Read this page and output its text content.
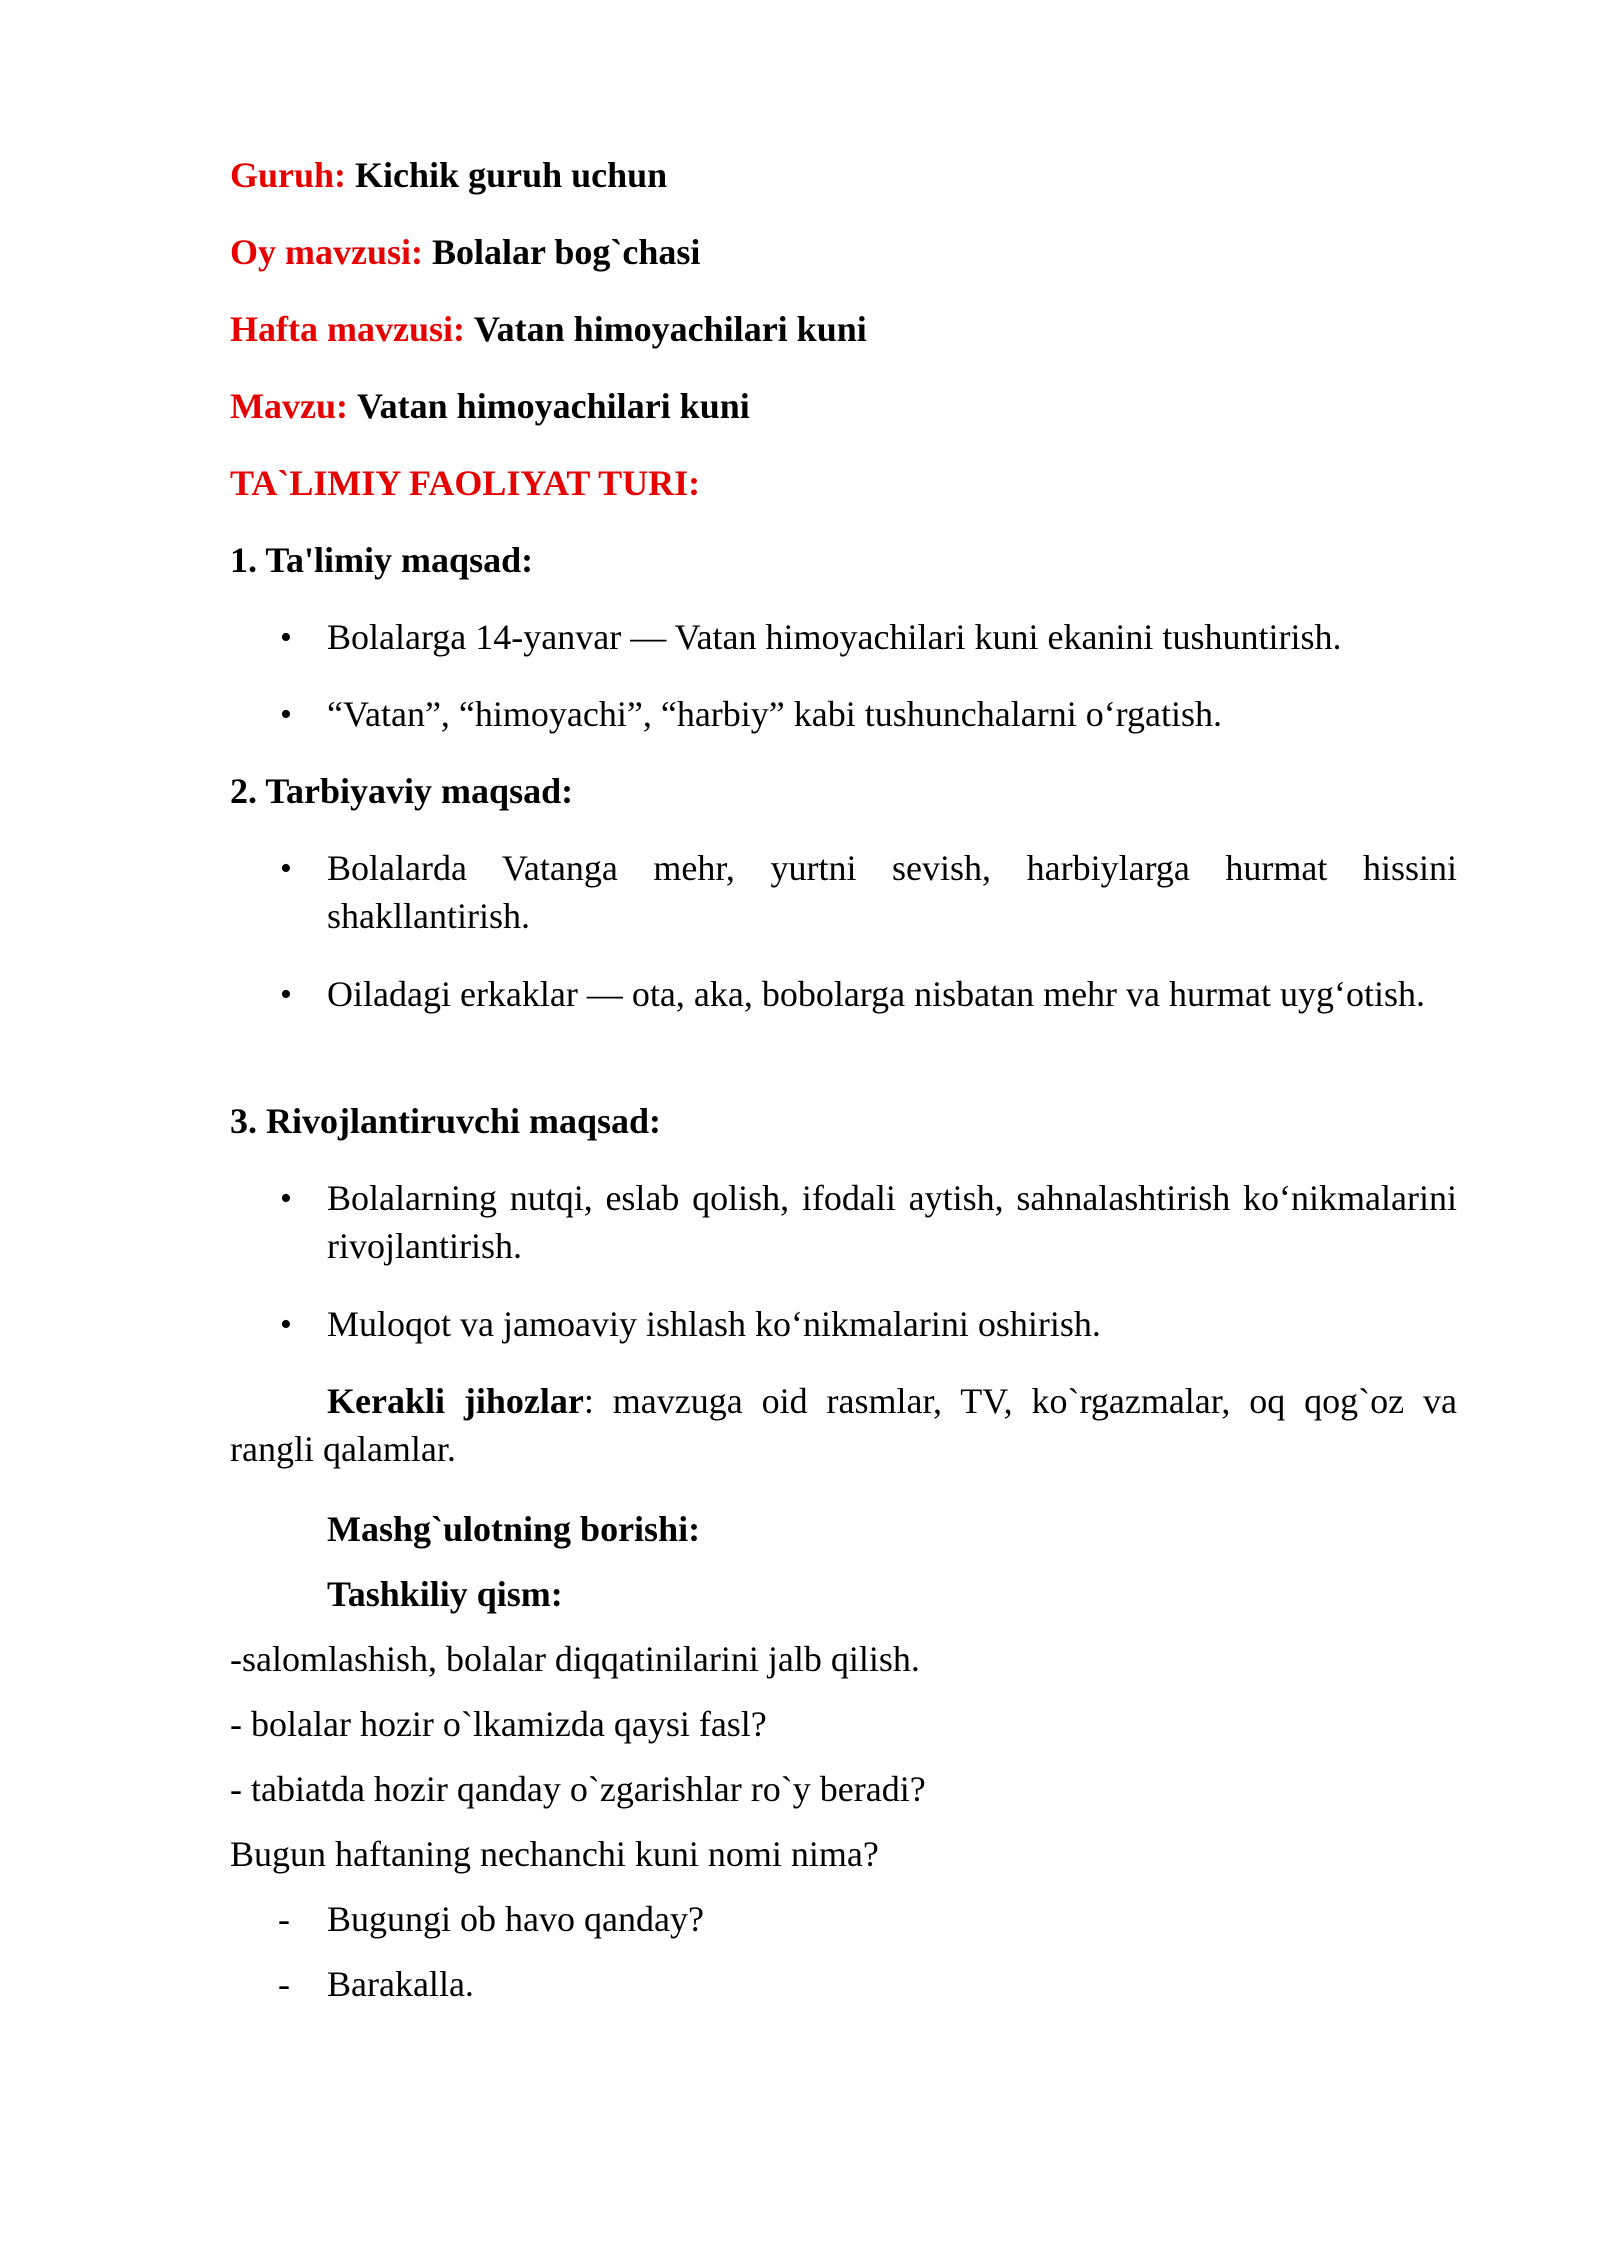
Guruh: Kichik guruh uchun
Oy mavzusi: Bolalar bog`chasi
Hafta mavzusi: Vatan himoyachilari kuni
Mavzu: Vatan himoyachilari kuni
TA`LIMIY FAOLIYAT TURI:
1. Ta'limiy maqsad:
• Bolalarga 14-yanvar — Vatan himoyachilari kuni ekanini tushuntirish.
• “Vatan”, “himoyachi”, “harbiy” kabi tushunchalarni o‘rgatish.
2. Tarbiyaviy maqsad:
• Bolalarda Vatanga mehr, yurtni sevish, harbiylarga hurmat hissini shakllantirish.
• Oiladagi erkaklar — ota, aka, bobolarga nisbatan mehr va hurmat uyg‘otish.
3. Rivojlantiruvchi maqsad:
• Bolalarning nutqi, eslab qolish, ifodali aytish, sahnalashtirish ko‘nikmalarini rivojlantirish.
• Muloqot va jamoaviy ishlash ko‘nikmalarini oshirish.
Kerakli jihozlar: mavzuga oid rasmlar, TV, ko`rgazmalar, oq qog`oz va rangli qalamlar.
Mashg`ulotning borishi:
Tashkiliy qism:
-salomlashish, bolalar diqqatinilarini jalb qilish.
- bolalar hozir o`lkamizda qaysi fasl?
- tabiatda hozir qanday o`zgarishlar ro`y beradi?
Bugun haftaning nechanchi kuni nomi nima?
- Bugungi ob havo qanday?
- Barakalla.
